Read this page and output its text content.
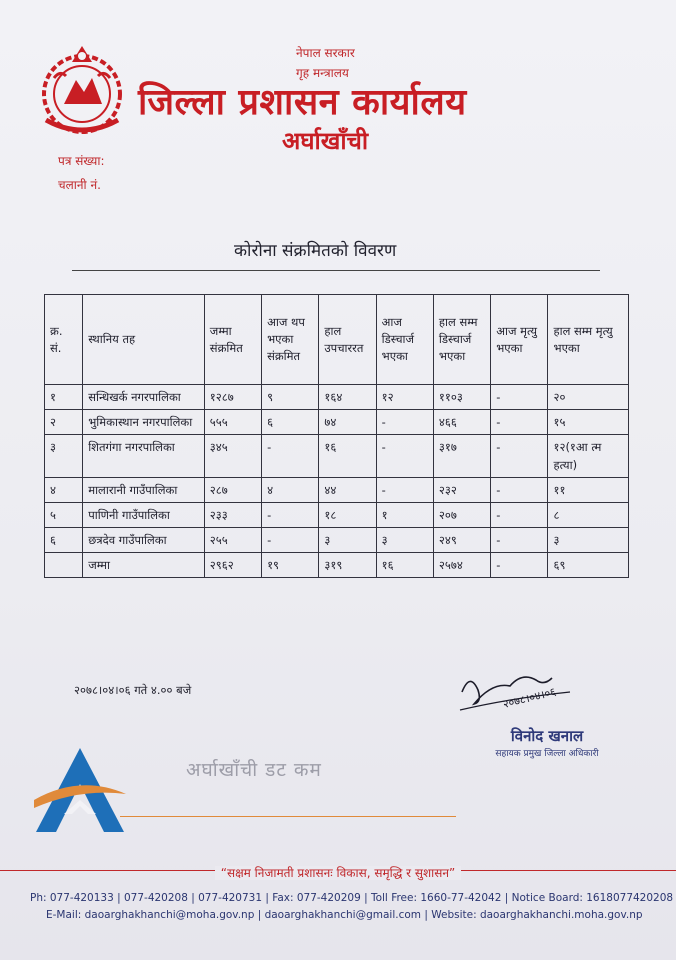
नेपाल सरकार
गृह मन्त्रालय
जिल्ला प्रशासन कार्यालय
अर्घाखाँची
पत्र संख्या:
चलानी नं.
कोरोना संक्रमितको विवरण
क्र. सं.	स्थानिय तह	जम्मा संक्रमित	आज थप भएका संक्रमित	हाल उपचाररत	आज डिस्चार्ज भएका	हाल सम्म डिस्चार्ज भएका	आज मृत्यु भएका	हाल सम्म मृत्यु भएका
१	सन्धिखर्क नगरपालिका	१२८७	९	१६४	१२	११०३	-	२०
२	भुमिकास्थान नगरपालिका	५५५	६	७४	-	४६६	-	१५
३	शितगंगा नगरपालिका	३४५	-	१६	-	३१७	-	१२(१आ त्म हत्या)
४	मालारानी गाउँपालिका	२८७	४	४४	-	२३२	-	११
५	पाणिनी गाउँपालिका	२३३	-	१८	१	२०७	-	८
६	छत्रदेव गाउँपालिका	२५५	-	३	३	२४९	-	३
	जम्मा	२९६२	१९	३१९	१६	२५७४	-	६९
२०७८।०४।०६ गते ४.०० बजे	२०७८।०४।०६
विनोद खनाल
सहायक प्रमुख जिल्ला अधिकारी
अर्घाखाँची डट कम
“सक्षम निजामती प्रशासनः विकास, समृद्धि र सुशासन”
Ph: 077-420133 | 077-420208 | 077-420731 | Fax: 077-420209 | Toll Free: 1660-77-42042 | Notice Board: 1618077420208
E-Mail: daoarghakhanchi@moha.gov.np | daoarghakhanchi@gmail.com | Website: daoarghakhanchi.moha.gov.np
